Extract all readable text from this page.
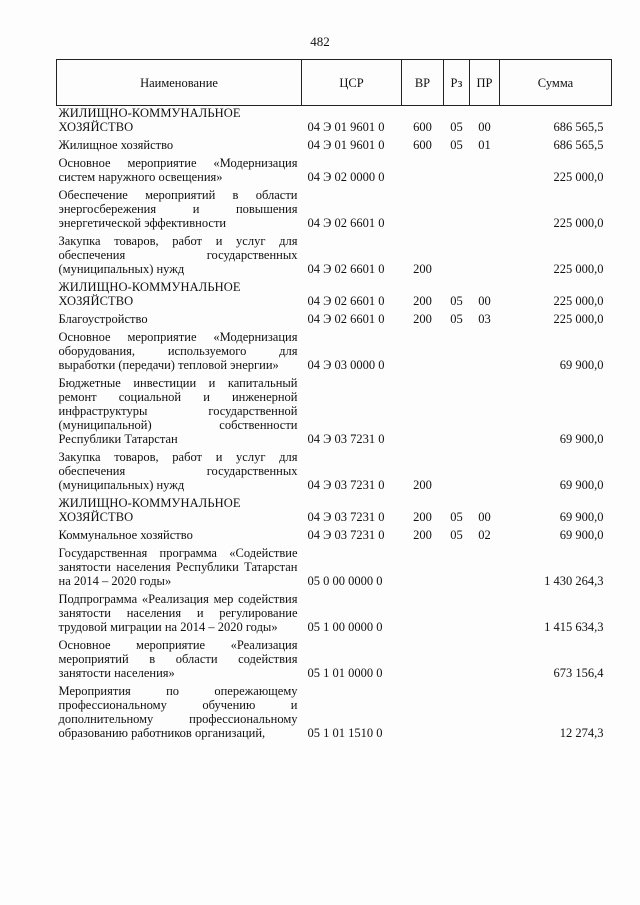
482
Наименование	ЦСР	ВР	Рз	ПР	Сумма
ЖИЛИЩНО-КОММУНАЛЬНОЕ ХОЗЯЙСТВО	04 Э 01 9601 0	600	05	00	686 565,5
Жилищное хозяйство	04 Э 01 9601 0	600	05	01	686 565,5
Основное мероприятие «Модернизация систем наружного освещения»	04 Э 02 0000 0				225 000,0
Обеспечение мероприятий в области энергосбережения и повышения энергетической эффективности	04 Э 02 6601 0				225 000,0
Закупка товаров, работ и услуг для обеспечения государственных (муниципальных) нужд	04 Э 02 6601 0	200			225 000,0
ЖИЛИЩНО-КОММУНАЛЬНОЕ ХОЗЯЙСТВО	04 Э 02 6601 0	200	05	00	225 000,0
Благоустройство	04 Э 02 6601 0	200	05	03	225 000,0
Основное мероприятие «Модернизация оборудования, используемого для выработки (передачи) тепловой энергии»	04 Э 03 0000 0				69 900,0
Бюджетные инвестиции и капитальный ремонт социальной и инженерной инфраструктуры государственной (муниципальной) собственности Республики Татарстан	04 Э 03 7231 0				69 900,0
Закупка товаров, работ и услуг для обеспечения государственных (муниципальных) нужд	04 Э 03 7231 0	200			69 900,0
ЖИЛИЩНО-КОММУНАЛЬНОЕ ХОЗЯЙСТВО	04 Э 03 7231 0	200	05	00	69 900,0
Коммунальное хозяйство	04 Э 03 7231 0	200	05	02	69 900,0
Государственная программа «Содействие занятости населения Республики Татарстан на 2014 – 2020 годы»	05 0 00 0000 0				1 430 264,3
Подпрограмма «Реализация мер содействия занятости населения и регулирование трудовой миграции на 2014 – 2020 годы»	05 1 00 0000 0				1 415 634,3
Основное мероприятие «Реализация мероприятий в области содействия занятости населения»	05 1 01 0000 0				673 156,4
Мероприятия по опережающему профессиональному обучению и дополнительному профессиональному образованию работников организаций,	05 1 01 1510 0				12 274,3
